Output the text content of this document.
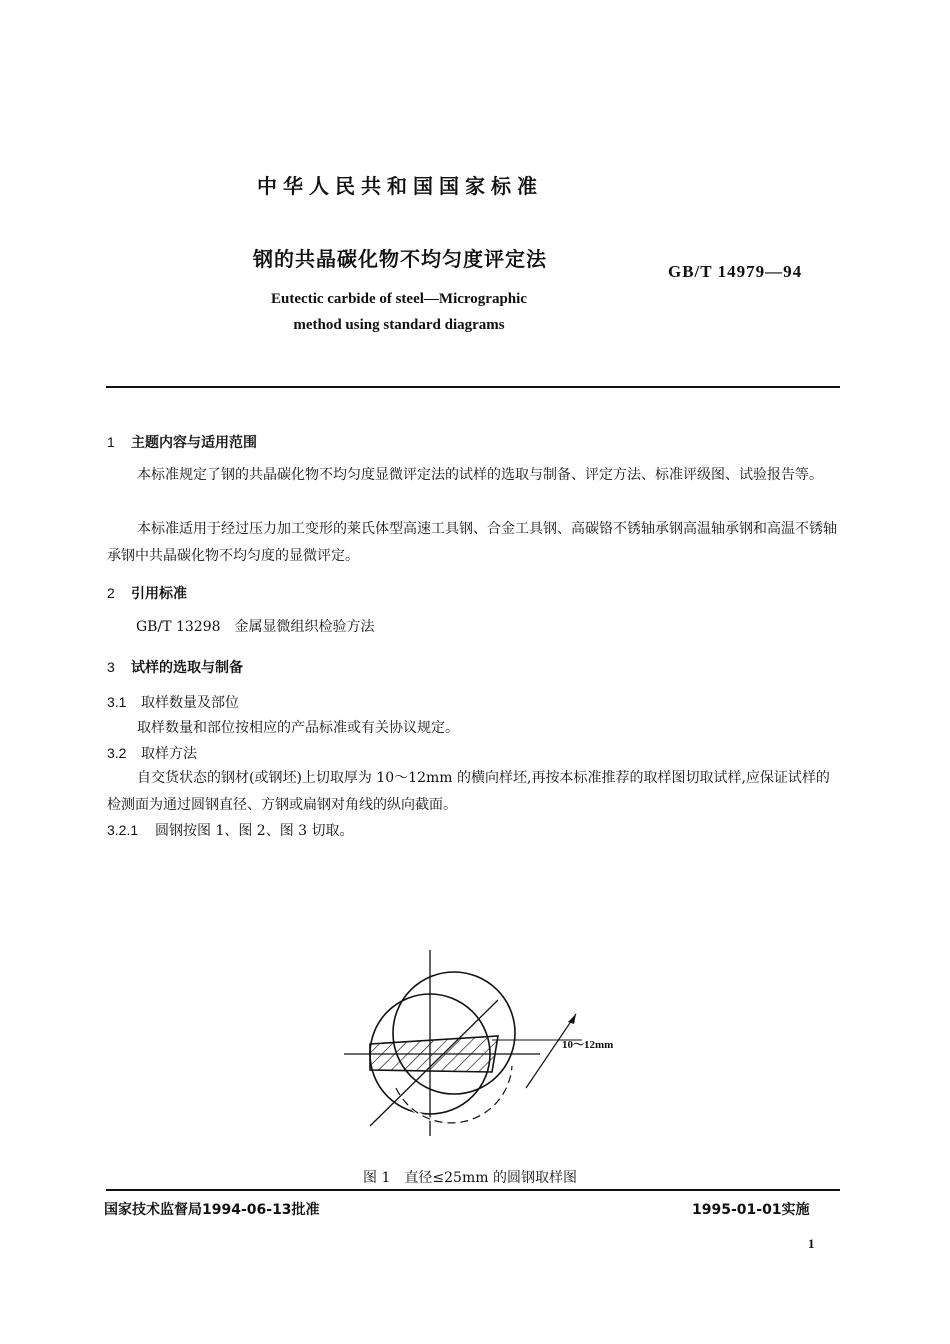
中华人民共和国国家标准
钢的共晶碳化物不均匀度评定法
GB/T 14979—94
Eutectic carbide of steel—Micrographic
method using standard diagrams
1 主题内容与适用范围
本标准规定了钢的共晶碳化物不均匀度显微评定法的试样的选取与制备、评定方法、标准评级图、试验报告等。
本标准适用于经过压力加工变形的莱氏体型高速工具钢、合金工具钢、高碳铬不锈轴承钢高温轴承钢和高温不锈轴承钢中共晶碳化物不均匀度的显微评定。
2 引用标准
GB/T 13298　金属显微组织检验方法
3 试样的选取与制备
3.1 取样数量及部位
取样数量和部位按相应的产品标准或有关协议规定。
3.2 取样方法
自交货状态的钢材(或钢坯)上切取厚为 10～12mm 的横向样坯,再按本标准推荐的取样图切取试样,应保证试样的检测面为通过圆钢直径、方钢或扁钢对角线的纵向截面。
3.2.1 圆钢按图 1、图 2、图 3 切取。
10～12mm
图 1　直径≤25mm 的圆钢取样图
国家技术监督局1994-06-13批准	1995-01-01实施
1
